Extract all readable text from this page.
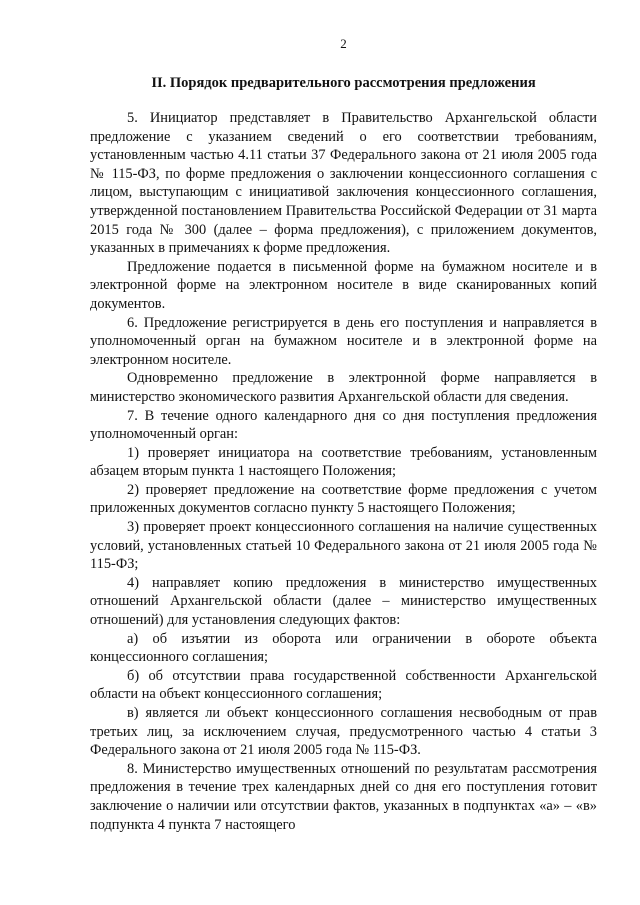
2
II. Порядок предварительного рассмотрения предложения

5. Инициатор представляет в Правительство Архангельской области предложение с указанием сведений о его соответствии требованиям, установленным частью 4.11 статьи 37 Федерального закона от 21 июля 2005 года № 115-ФЗ, по форме предложения о заключении концессионного соглашения с лицом, выступающим с инициативой заключения концессионного соглашения, утвержденной постановлением Правительства Российской Федерации от 31 марта 2015 года № 300 (далее – форма предложения), с приложением документов, указанных в примечаниях к форме предложения.

Предложение подается в письменной форме на бумажном носителе и в электронной форме на электронном носителе в виде сканированных копий документов.

6. Предложение регистрируется в день его поступления и направляется в уполномоченный орган на бумажном носителе и в электронной форме на электронном носителе.

Одновременно предложение в электронной форме направляется в министерство экономического развития Архангельской области для сведения.

7. В течение одного календарного дня со дня поступления предложения уполномоченный орган:

1) проверяет инициатора на соответствие требованиям, установленным абзацем вторым пункта 1 настоящего Положения;

2) проверяет предложение на соответствие форме предложения с учетом приложенных документов согласно пункту 5 настоящего Положения;

3) проверяет проект концессионного соглашения на наличие существенных условий, установленных статьей 10 Федерального закона от 21 июля 2005 года № 115-ФЗ;

4) направляет копию предложения в министерство имущественных отношений Архангельской области (далее – министерство имущественных отношений) для установления следующих фактов:

а) об изъятии из оборота или ограничении в обороте объекта концессионного соглашения;

б) об отсутствии права государственной собственности Архангельской области на объект концессионного соглашения;

в) является ли объект концессионного соглашения несвободным от прав третьих лиц, за исключением случая, предусмотренного частью 4 статьи 3 Федерального закона от 21 июля 2005 года № 115-ФЗ.

8. Министерство имущественных отношений по результатам рассмотрения предложения в течение трех календарных дней со дня его поступления готовит заключение о наличии или отсутствии фактов, указанных в подпунктах «а» – «в» подпункта 4 пункта 7 настоящего
